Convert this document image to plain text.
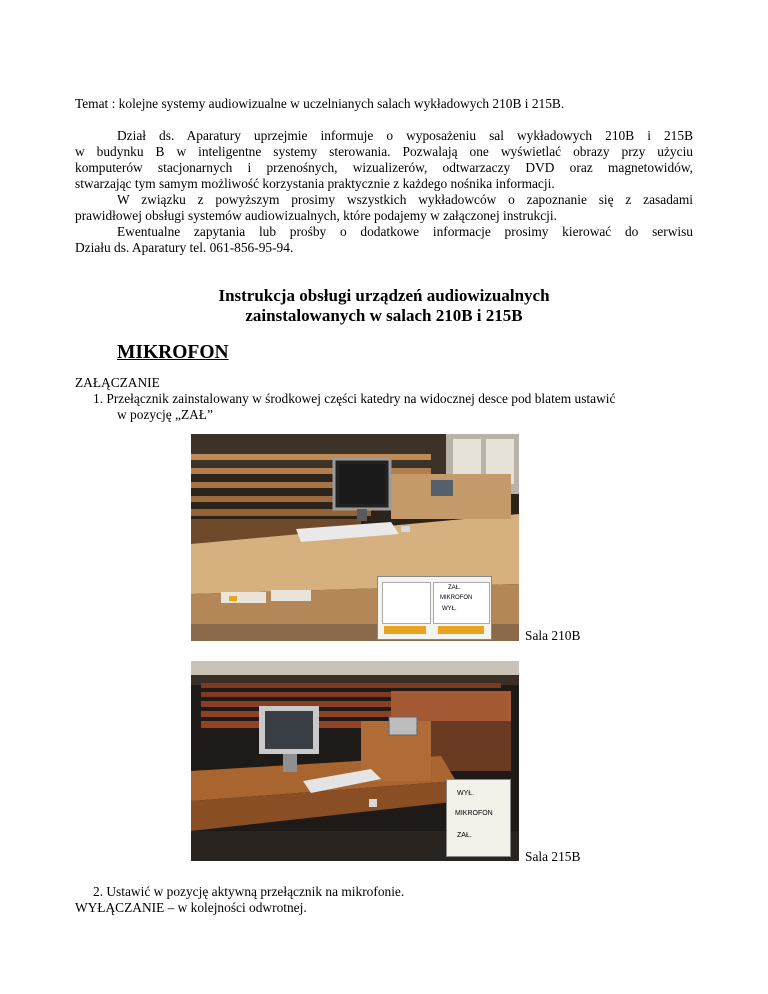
Temat : kolejne systemy audiowizualne w uczelnianych salach wykładowych 210B i 215B.
Dział ds. Aparatury uprzejmie informuje o wyposażeniu sal wykładowych 210B i 215B
w budynku B w inteligentne systemy sterowania. Pozwalają one wyświetlać obrazy przy użyciu
komputerów stacjonarnych i przenośnych, wizualizerów, odtwarzaczy DVD oraz magnetowidów,
stwarzając tym samym możliwość korzystania praktycznie z każdego nośnika informacji.
W związku z powyższym prosimy wszystkich wykładowców o zapoznanie się z zasadami
prawidłowej obsługi systemów audiowizualnych, które podajemy w załączonej instrukcji.
Ewentualne zapytania lub prośby o dodatkowe informacje prosimy kierować do serwisu
Działu ds. Aparatury tel. 061-856-95-94.
Instrukcja obsługi urządzeń audiowizualnych
zainstalowanych w salach 210B i 215B
MIKROFON
ZAŁĄCZANIE
1. Przełącznik zainstalowany w środkowej części katedry na widocznej desce pod blatem ustawić
w pozycję „ZAŁ”
ZAŁ.
MIKROFON
WYŁ.
Sala 210B
WYŁ.
MIKROFON
ZAŁ.
Sala 215B
2. Ustawić w pozycję aktywną przełącznik na mikrofonie.
WYŁĄCZANIE – w kolejności odwrotnej.
